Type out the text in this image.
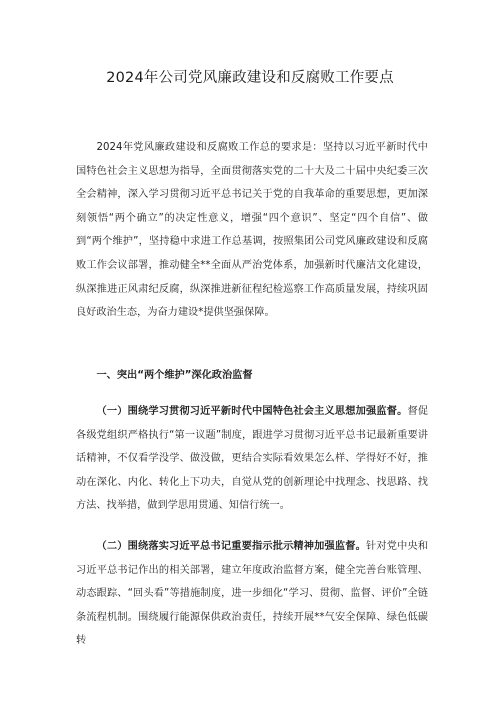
2024年公司党风廉政建设和反腐败工作要点

2024年党风廉政建设和反腐败工作总的要求是：坚持以习近平新时代中国特色社会主义思想为指导，全面贯彻落实党的二十大及二十届中央纪委三次全会精神，深入学习贯彻习近平总书记关于党的自我革命的重要思想，更加深刻领悟“两个确立”的决定性意义，增强“四个意识”、坚定“四个自信”、做到“两个维护”，坚持稳中求进工作总基调，按照集团公司党风廉政建设和反腐败工作会议部署，推动健全**全面从严治党体系，加强新时代廉洁文化建设，纵深推进正风肃纪反腐，纵深推进新征程纪检巡察工作高质量发展，持续巩固良好政治生态，为奋力建设*提供坚强保障。

一、突出“两个维护”深化政治监督

（一）围绕学习贯彻习近平新时代中国特色社会主义思想加强监督。督促各级党组织严格执行“第一议题”制度，跟进学习贯彻习近平总书记最新重要讲话精神，不仅看学没学、做没做，更结合实际看效果怎么样、学得好不好，推动在深化、内化、转化上下功夫，自觉从党的创新理论中找理念、找思路、找方法、找举措，做到学思用贯通、知信行统一。

（二）围绕落实习近平总书记重要指示批示精神加强监督。针对党中央和习近平总书记作出的相关部署，建立年度政治监督方案，健全完善台账管理、动态跟踪、“回头看”等措施制度，进一步细化“学习、贯彻、监督、评价”全链条流程机制。围绕履行能源保供政治责任，持续开展**气安全保障、绿色低碳转
